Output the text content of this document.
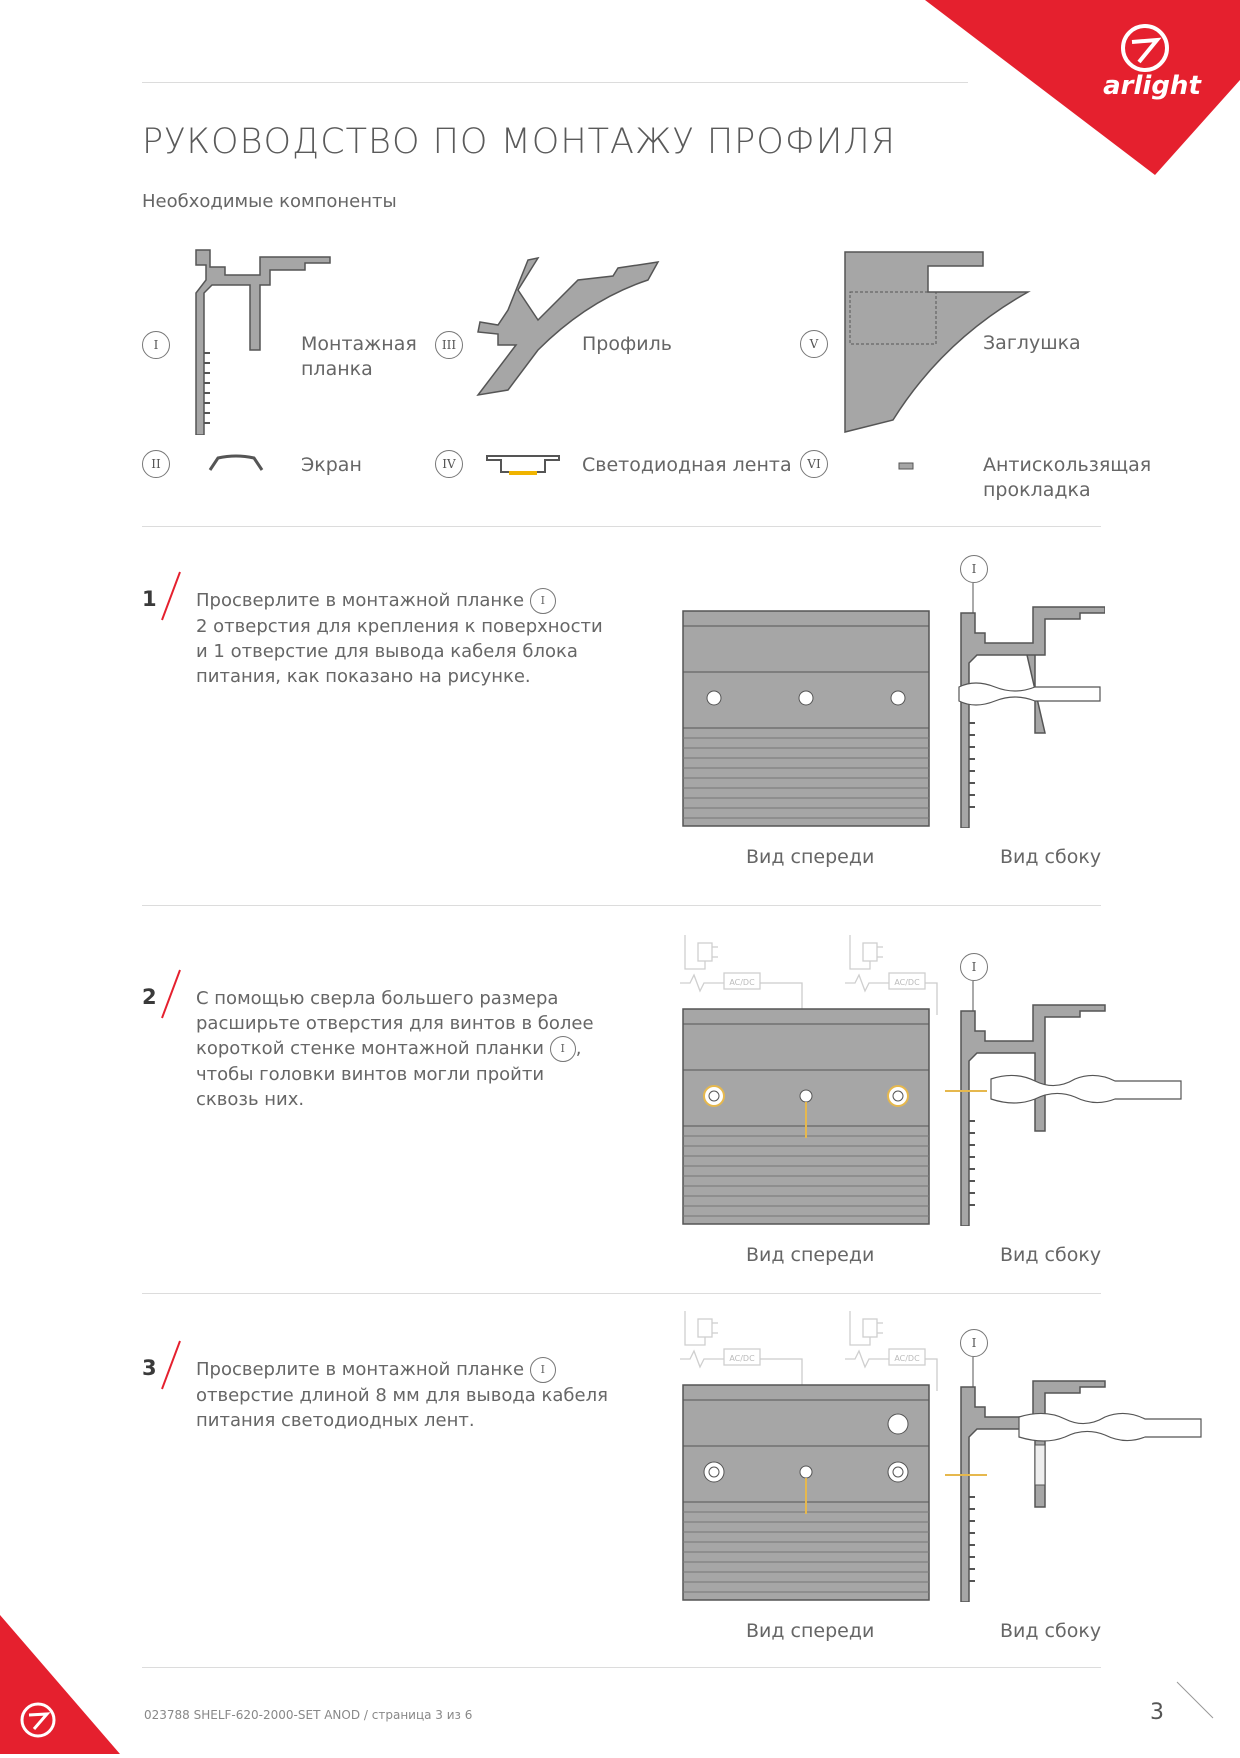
arlight
РУКОВОДСТВО ПО МОНТАЖУ ПРОФИЛЯ
Необходимые компоненты
I	Монтажная
планка
II	Экран
III	Профиль
IV	Светодиодная лента
V	Заглушка
VI	Антискользящая
прокладка
1 Просверлите в монтажной планке I
2 отверстия для крепления к поверхности
и 1 отверстие для вывода кабеля блока
питания, как показано на рисунке.
I
Вид спереди	Вид сбоку
2 С помощью сверла большего размера
расширьте отверстия для винтов в более
короткой стенке монтажной планки I ,
чтобы головки винтов могли пройти
сквозь них.
AC/DC	AC/DC
I
Вид спереди	Вид сбоку
3 Просверлите в монтажной планке I
отверстие длиной 8 мм для вывода кабеля
питания светодиодных лент.
AC/DC	AC/DC
I
Вид спереди	Вид сбоку
023788 SHELF-620-2000-SET ANOD / страница 3 из 6	3
